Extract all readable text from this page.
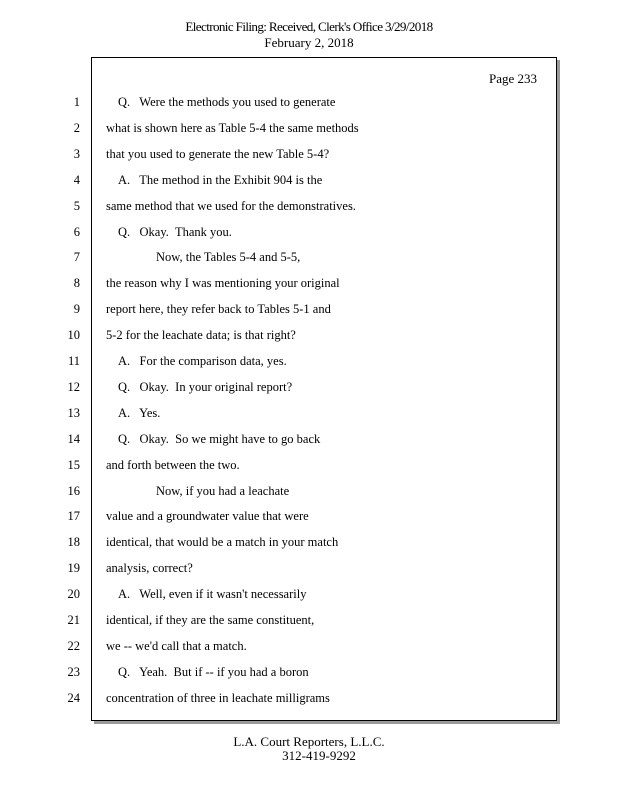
Electronic Filing: Received, Clerk's Office 3/29/2018
February 2, 2018
Page 233
1	Q.   Were the methods you used to generate
2 what is shown here as Table 5-4 the same methods
3 that you used to generate the new Table 5-4?
4	A.   The method in the Exhibit 904 is the
5 same method that we used for the demonstratives.
6	Q.   Okay.  Thank you.
7	Now, the Tables 5-4 and 5-5,
8 the reason why I was mentioning your original
9 report here, they refer back to Tables 5-1 and
10 5-2 for the leachate data; is that right?
11	A.   For the comparison data, yes.
12	Q.   Okay.  In your original report?
13	A.   Yes.
14	Q.   Okay.  So we might have to go back
15 and forth between the two.
16	Now, if you had a leachate
17 value and a groundwater value that were
18 identical, that would be a match in your match
19 analysis, correct?
20	A.   Well, even if it wasn't necessarily
21 identical, if they are the same constituent,
22 we -- we'd call that a match.
23	Q.   Yeah.  But if -- if you had a boron
24 concentration of three in leachate milligrams
L.A. Court Reporters, L.L.C.
312-419-9292
